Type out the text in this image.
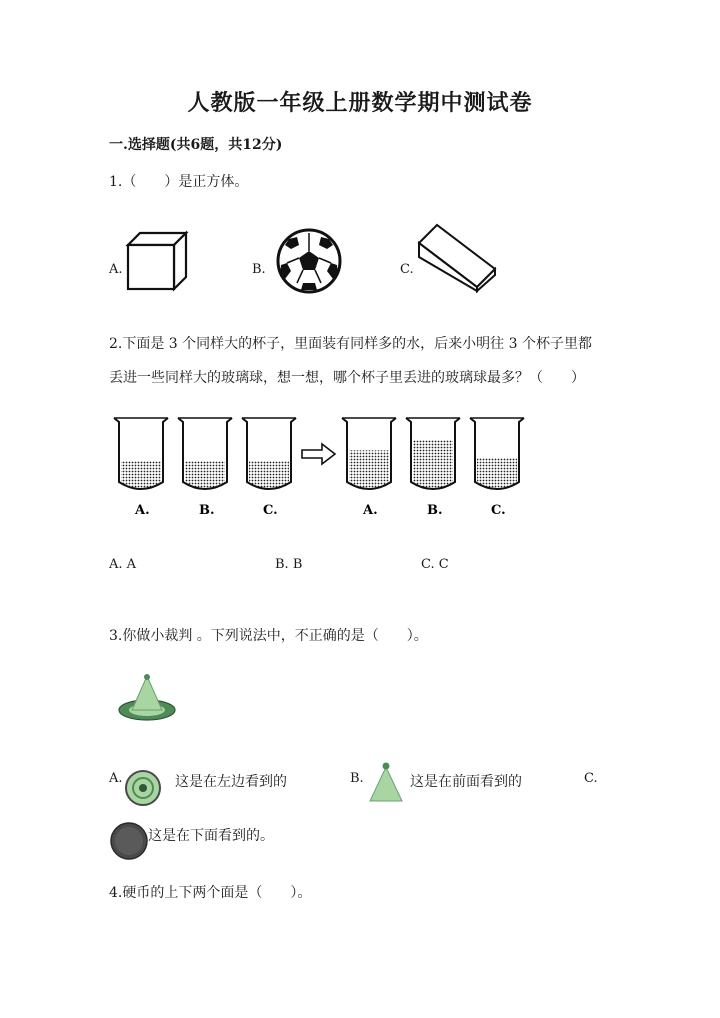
人教版一年级上册数学期中测试卷
一.选择题(共6题，共12分)
1.（　　）是正方体。
A.	B.	C.
2.下面是 3 个同样大的杯子，里面装有同样多的水，后来小明往 3 个杯子里都
丢进一些同样大的玻璃球，想一想，哪个杯子里丢进的玻璃球最多？（　　）
A.	B.	C.	A.	B.	C.
A. A	B. B	C. C
3.你做小裁判 。下列说法中，不正确的是（　　）。
A.	这是在左边看到的	B.	这是在前面看到的	C.
这是在下面看到的。
4.硬币的上下两个面是（　　）。
